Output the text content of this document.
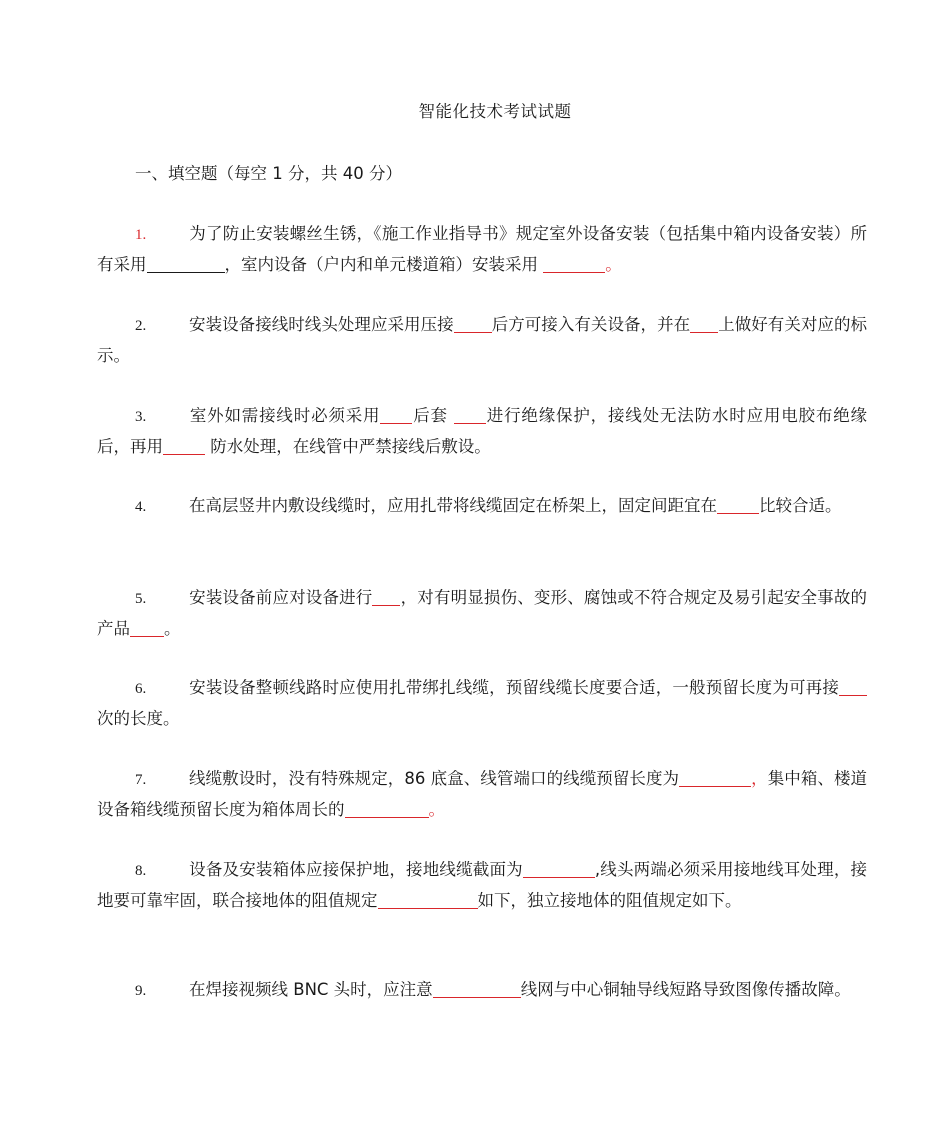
智能化技术考试试题
一、填空题（每空 1 分，共 40 分）
1.	为了防止安装螺丝生锈，《施工作业指导书》规定室外设备安装（包括集中箱内设备安装）所有采用	，室内设备（户内和单元楼道箱）安装采用	。
2.	安装设备接线时线头处理应采用压接 后方可接入有关设备，并在 上做好有关对应的标示。
3.	室外如需接线时必须采用 后套 进行绝缘保护，接线处无法防水时应用电胶布绝缘后，再用	防水处理，在线管中严禁接线后敷设。
4.	在高层竖井内敷设线缆时，应用扎带将线缆固定在桥架上，固定间距宜在	比较合适。
5.	安装设备前应对设备进行 ，对有明显损伤、变形、腐蚀或不符合规定及易引起安全事故的产品 。
6.	安装设备整顿线路时应使用扎带绑扎线缆，预留线缆长度要合适，一般预留长度为可再接次的长度。
7.	线缆敷设时，没有特殊规定，86 底盒、线管端口的线缆预留长度为	，集中箱、楼道设备箱线缆预留长度为箱体周长的	。
8.	设备及安装箱体应接保护地，接地线缆截面为	,线头两端必须采用接地线耳处理，接地要可靠牢固，联合接地体的阻值规定	如下，独立接地体的阻值规定如下。
9.	在焊接视频线 BNC 头时，应注意	线网与中心铜轴导线短路导致图像传播故障。
